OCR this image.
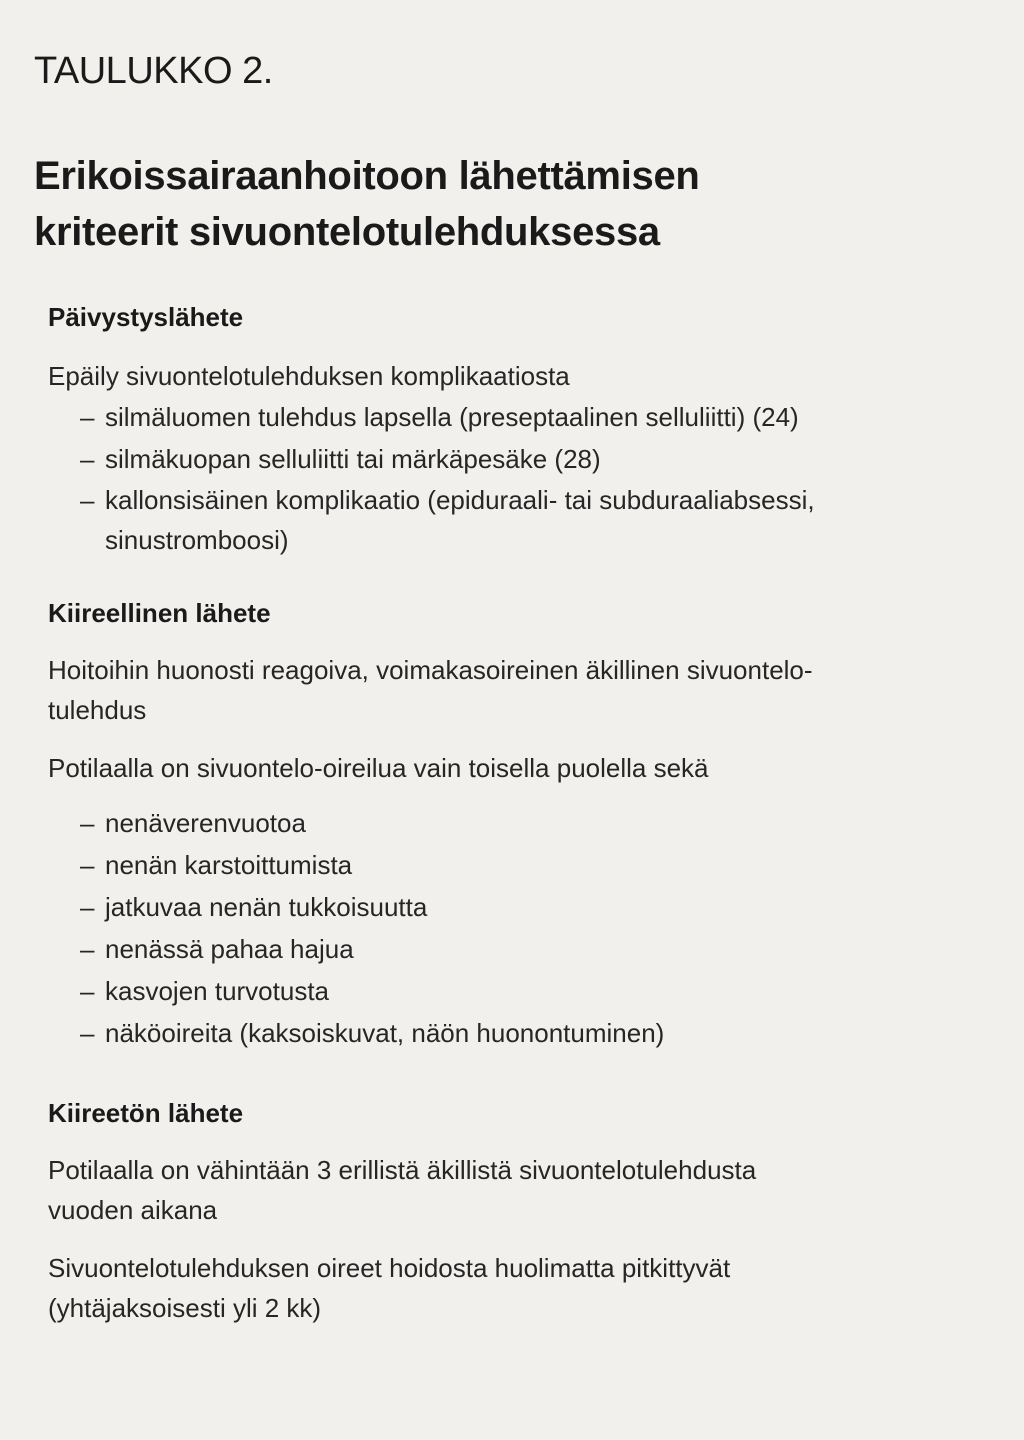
TAULUKKO 2.
Erikoissairaanhoitoon lähettämisen
kriteerit sivuontelotulehduksessa
Päivystyslähete

Epäily sivuontelotulehduksen komplikaatiosta

– silmäluomen tulehdus lapsella (preseptaalinen selluliitti) (24)
– silmäkuopan selluliitti tai märkäpesäke (28)
– kallonsisäinen komplikaatio (epiduraali- tai subduraaliabsessi, sinustromboosi)
Kiireellinen lähete

Hoitoihin huonosti reagoiva, voimakasoireinen äkillinen sivuontelo-
tulehdus

Potilaalla on sivuontelo-oireilua vain toisella puolella sekä

– nenäverenvuotoa
– nenän karstoittumista
– jatkuvaa nenän tukkoisuutta
– nenässä pahaa hajua
– kasvojen turvotusta
– näköoireita (kaksoiskuvat, näön huonontuminen)
Kiireetön lähete

Potilaalla on vähintään 3 erillistä äkillistä sivuontelotulehdusta
vuoden aikana

Sivuontelotulehduksen oireet hoidosta huolimatta pitkittyvät
(yhtäjaksoisesti yli 2 kk)
